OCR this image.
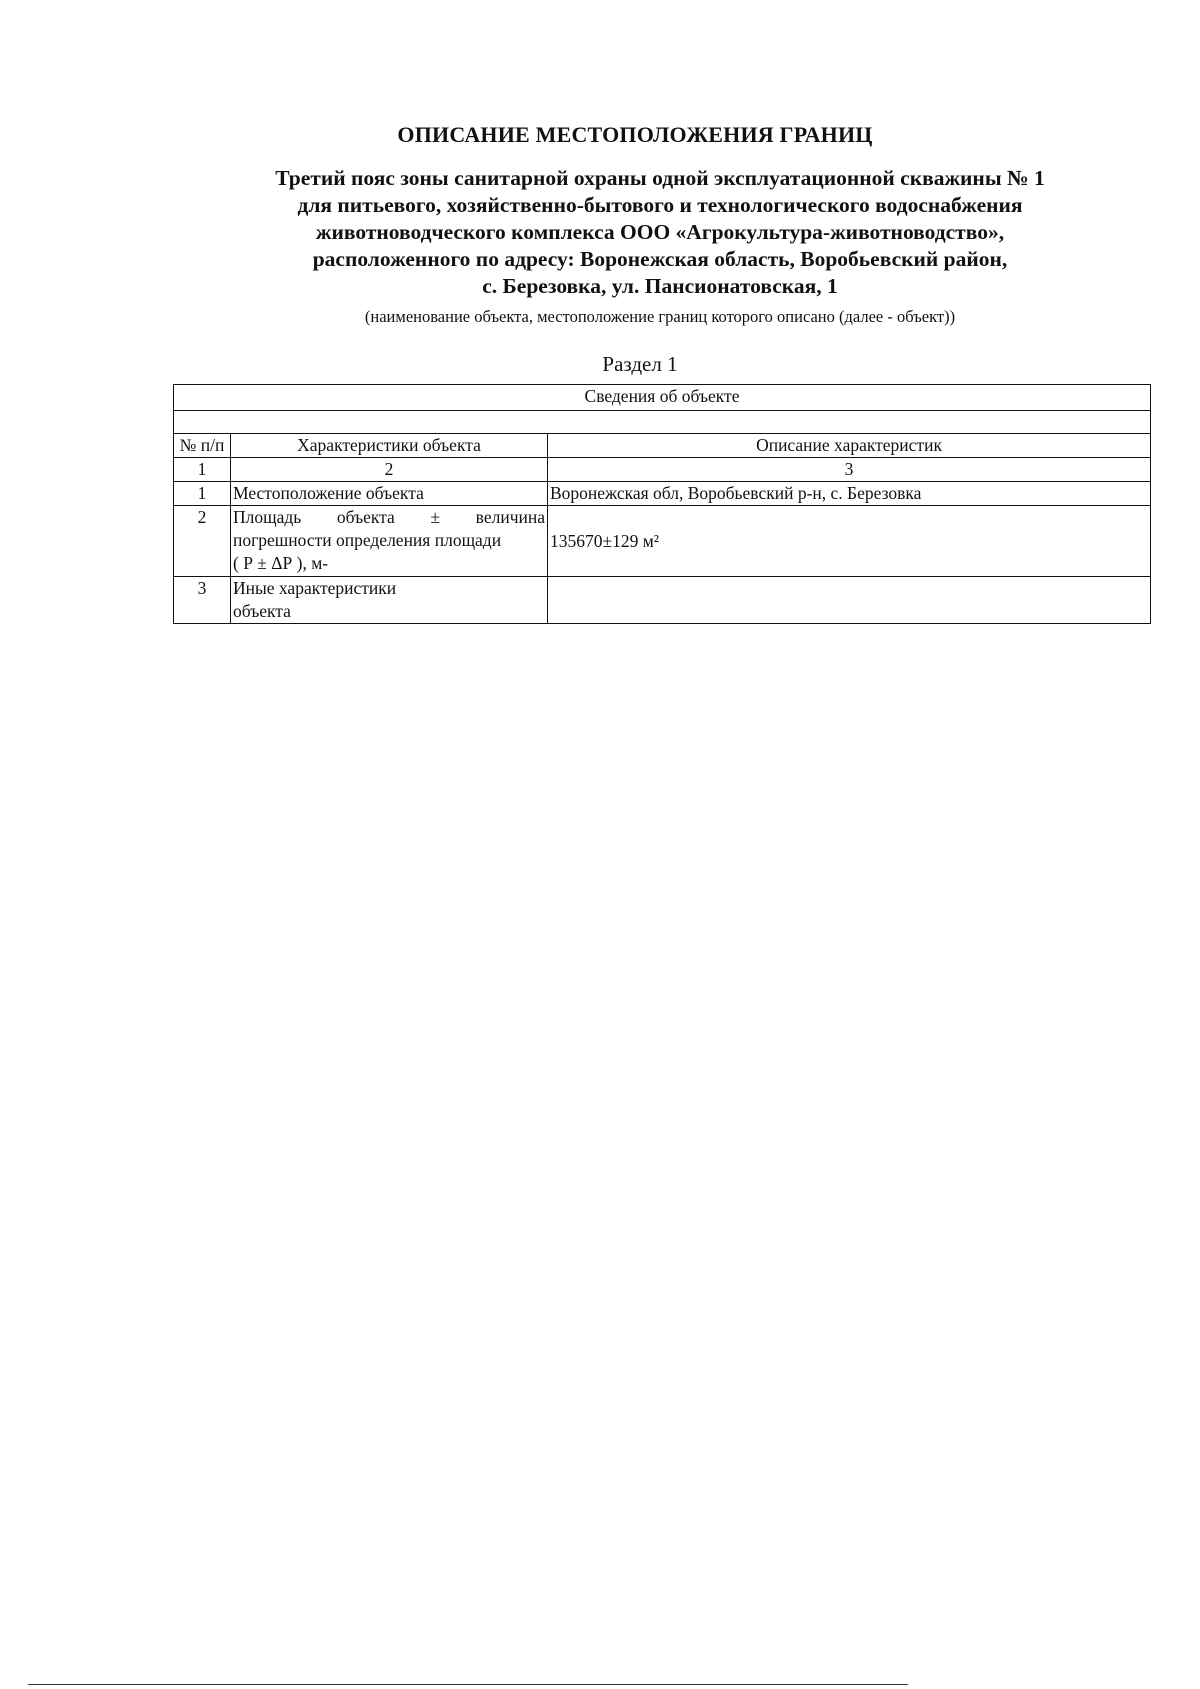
ОПИСАНИЕ МЕСТОПОЛОЖЕНИЯ ГРАНИЦ
Третий пояс зоны санитарной охраны одной эксплуатационной скважины № 1
для питьевого, хозяйственно-бытового и технологического водоснабжения
животноводческого комплекса ООО «Агрокультура-животноводство»,
расположенного по адресу: Воронежская область, Воробьевский район,
с. Березовка, ул. Пансионатовская, 1
(наименование объекта, местоположение границ которого описано (далее - объект))
Раздел 1
Сведения об объекте		

№ п/п	Характеристики объекта	Описание характеристик
1	2	3
1	Местоположение объекта	Воронежская обл, Воробьевский р-н, с. Березовка
2	Площадь объекта ± величина
погрешности определения площади
( Р ± ΔР ), м-	135670±129 м²
3	Иные характеристики
объекта	
